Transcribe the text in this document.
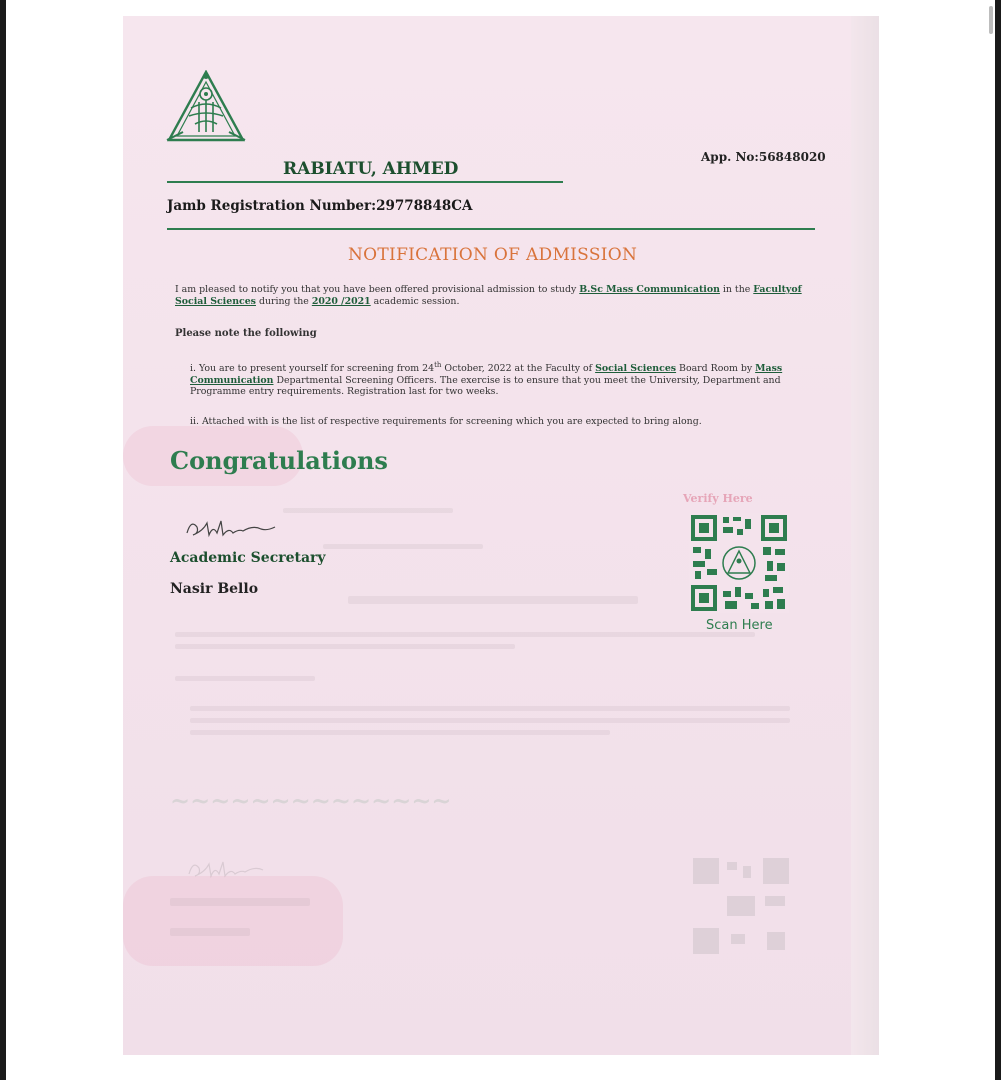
RABIATU, AHMED
App. No:56848020
Jamb Registration Number:29778848CA
NOTIFICATION OF ADMISSION
I am pleased to notify you that you have been offered provisional admission to study B.Sc Mass Communication in the Facultyof Social Sciences during the 2020 /2021 academic session.
Please note the following
i. You are to present yourself for screening from 24th October, 2022 at the Faculty of Social Sciences Board Room by Mass Communication Departmental Screening Officers. The exercise is to ensure that you meet the University, Department and Programme entry requirements. Registration last for two weeks.
ii. Attached with is the list of respective requirements for screening which you are expected to bring along.
Congratulations
Verify Here
Scan Here
Academic Secretary
Nasir Bello
~~~~~~~~~~~~~~
